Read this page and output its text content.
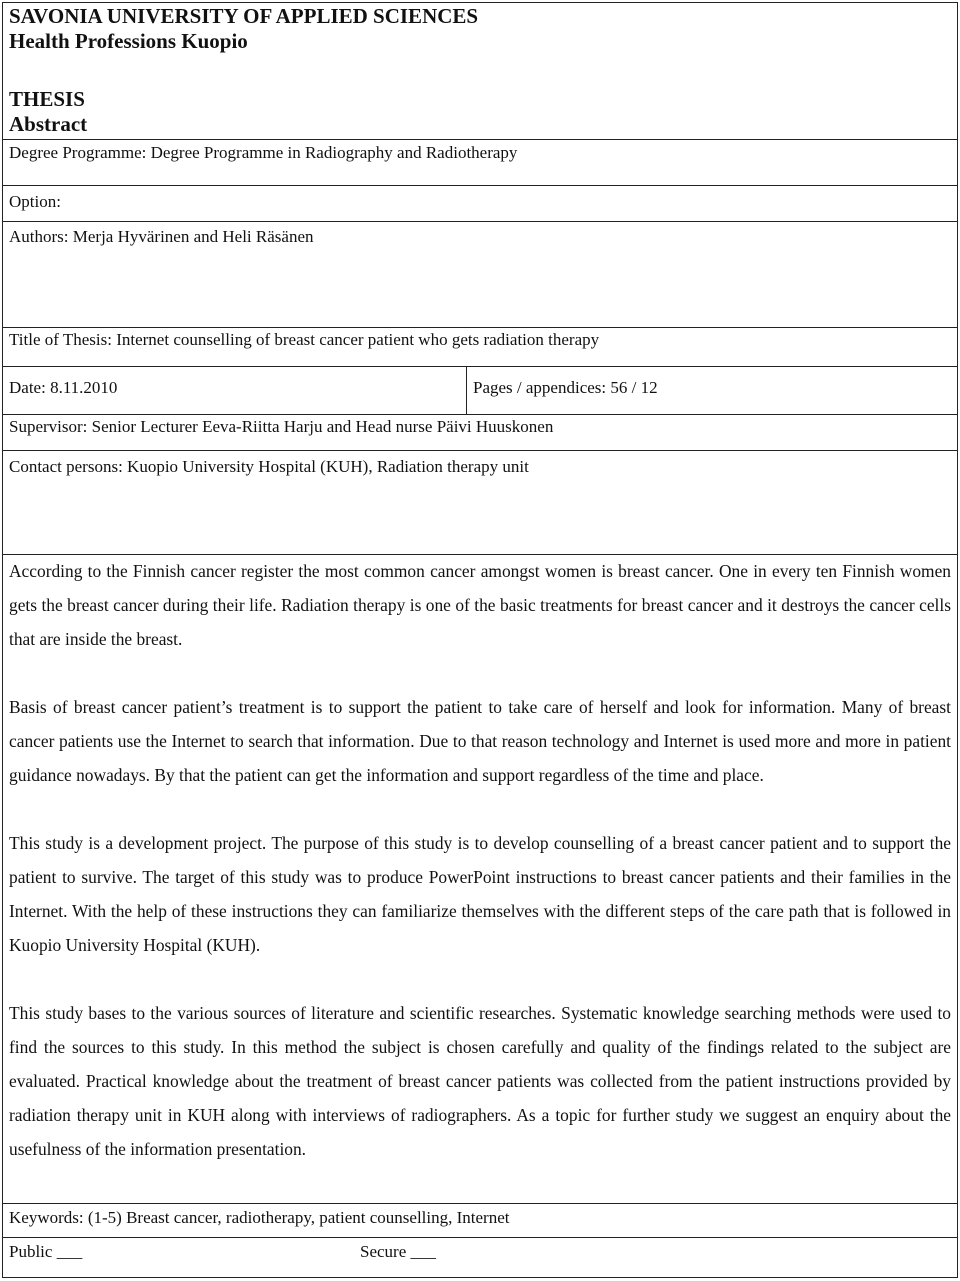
SAVONIA UNIVERSITY OF APPLIED SCIENCES
Health Professions Kuopio
THESIS
Abstract
Degree Programme: Degree Programme in Radiography and Radiotherapy
Option:
Authors: Merja Hyvärinen and Heli Räsänen
Title of Thesis: Internet counselling of breast cancer patient who gets radiation therapy
Date: 8.11.2010	Pages / appendices: 56 / 12
Supervisor: Senior Lecturer Eeva-Riitta Harju and Head nurse Päivi Huuskonen
Contact persons: Kuopio University Hospital (KUH), Radiation therapy unit

According to the Finnish cancer register the most common cancer amongst women is breast cancer. One in every ten Finnish women gets the breast cancer during their life. Radiation therapy is one of the basic treatments for breast cancer and it destroys the cancer cells that are inside the breast.

Basis of breast cancer patient’s treatment is to support the patient to take care of herself and look for information. Many of breast cancer patients use the Internet to search that information. Due to that reason technology and Internet is used more and more in patient guidance nowadays. By that the patient can get the information and support regardless of the time and place.

This study is a development project. The purpose of this study is to develop counselling of a breast cancer patient and to support the patient to survive. The target of this study was to produce PowerPoint instructions to breast cancer patients and their families in the Internet. With the help of these instructions they can familiarize themselves with the different steps of the care path that is followed in Kuopio University Hospital (KUH).

This study bases to the various sources of literature and scientific researches. Systematic knowledge searching methods were used to find the sources to this study. In this method the subject is chosen carefully and quality of the findings related to the subject are evaluated. Practical knowledge about the treatment of breast cancer patients was collected from the patient instructions provided by radiation therapy unit in KUH along with interviews of radiographers. As a topic for further study we suggest an enquiry about the usefulness of the information presentation.

Keywords: (1-5) Breast cancer, radiotherapy, patient counselling, Internet
Public ___	Secure ___
